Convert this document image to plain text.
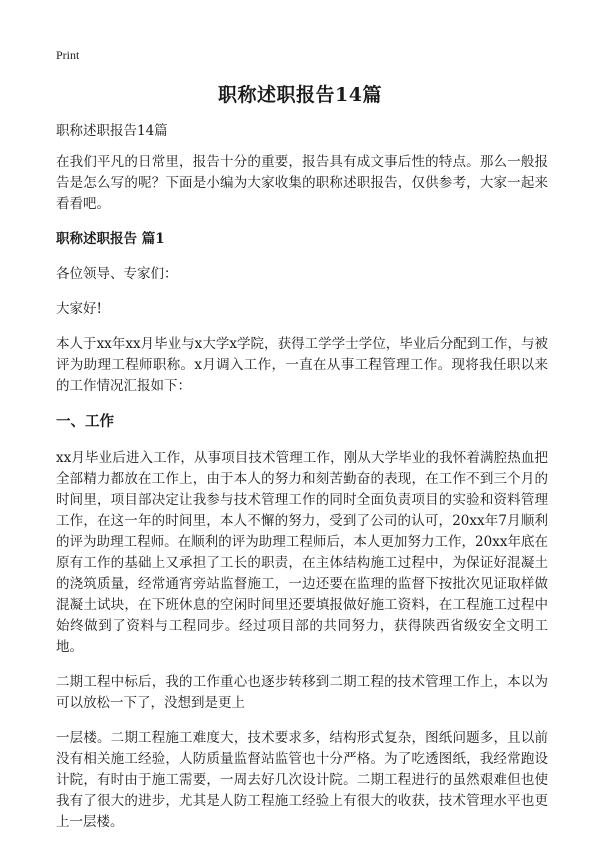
Print
职称述职报告14篇

职称述职报告14篇

在我们平凡的日常里，报告十分的重要，报告具有成文事后性的特点。那么一般报告是怎么写的呢？下面是小编为大家收集的职称述职报告，仅供参考，大家一起来看看吧。

职称述职报告 篇1

各位领导、专家们：

大家好!

本人于xx年xx月毕业与x大学x学院，获得工学学士学位，毕业后分配到工作，与被评为助理工程师职称。x月调入工作，一直在从事工程管理工作。现将我任职以来的工作情况汇报如下：

一、工作

xx月毕业后进入工作，从事项目技术管理工作，刚从大学毕业的我怀着满腔热血把全部精力都放在工作上，由于本人的努力和刻苦勤奋的表现，在工作不到三个月的时间里，项目部决定让我参与技术管理工作的同时全面负责项目的实验和资料管理工作，在这一年的时间里，本人不懈的努力，受到了公司的认可，20xx年7月顺利的评为助理工程师。在顺利的评为助理工程师后，本人更加努力工作，20xx年底在原有工作的基础上又承担了工长的职责，在主体结构施工过程中，为保证好混凝土的浇筑质量，经常通宵旁站监督施工，一边还要在监理的监督下按批次见证取样做混凝土试块，在下班休息的空闲时间里还要填报做好施工资料，在工程施工过程中始终做到了资料与工程同步。经过项目部的共同努力，获得陕西省级安全文明工地。

二期工程中标后，我的工作重心也逐步转移到二期工程的技术管理工作上，本以为可以放松一下了，没想到是更上

一层楼。二期工程施工难度大，技术要求多，结构形式复杂，图纸问题多，且以前没有相关施工经验，人防质量监督站监管也十分严格。为了吃透图纸，我经常跑设计院，有时由于施工需要，一周去好几次设计院。二期工程进行的虽然艰难但也使我有了很大的进步，尤其是人防工程施工经验上有很大的收获，技术管理水平也更上一层楼。
